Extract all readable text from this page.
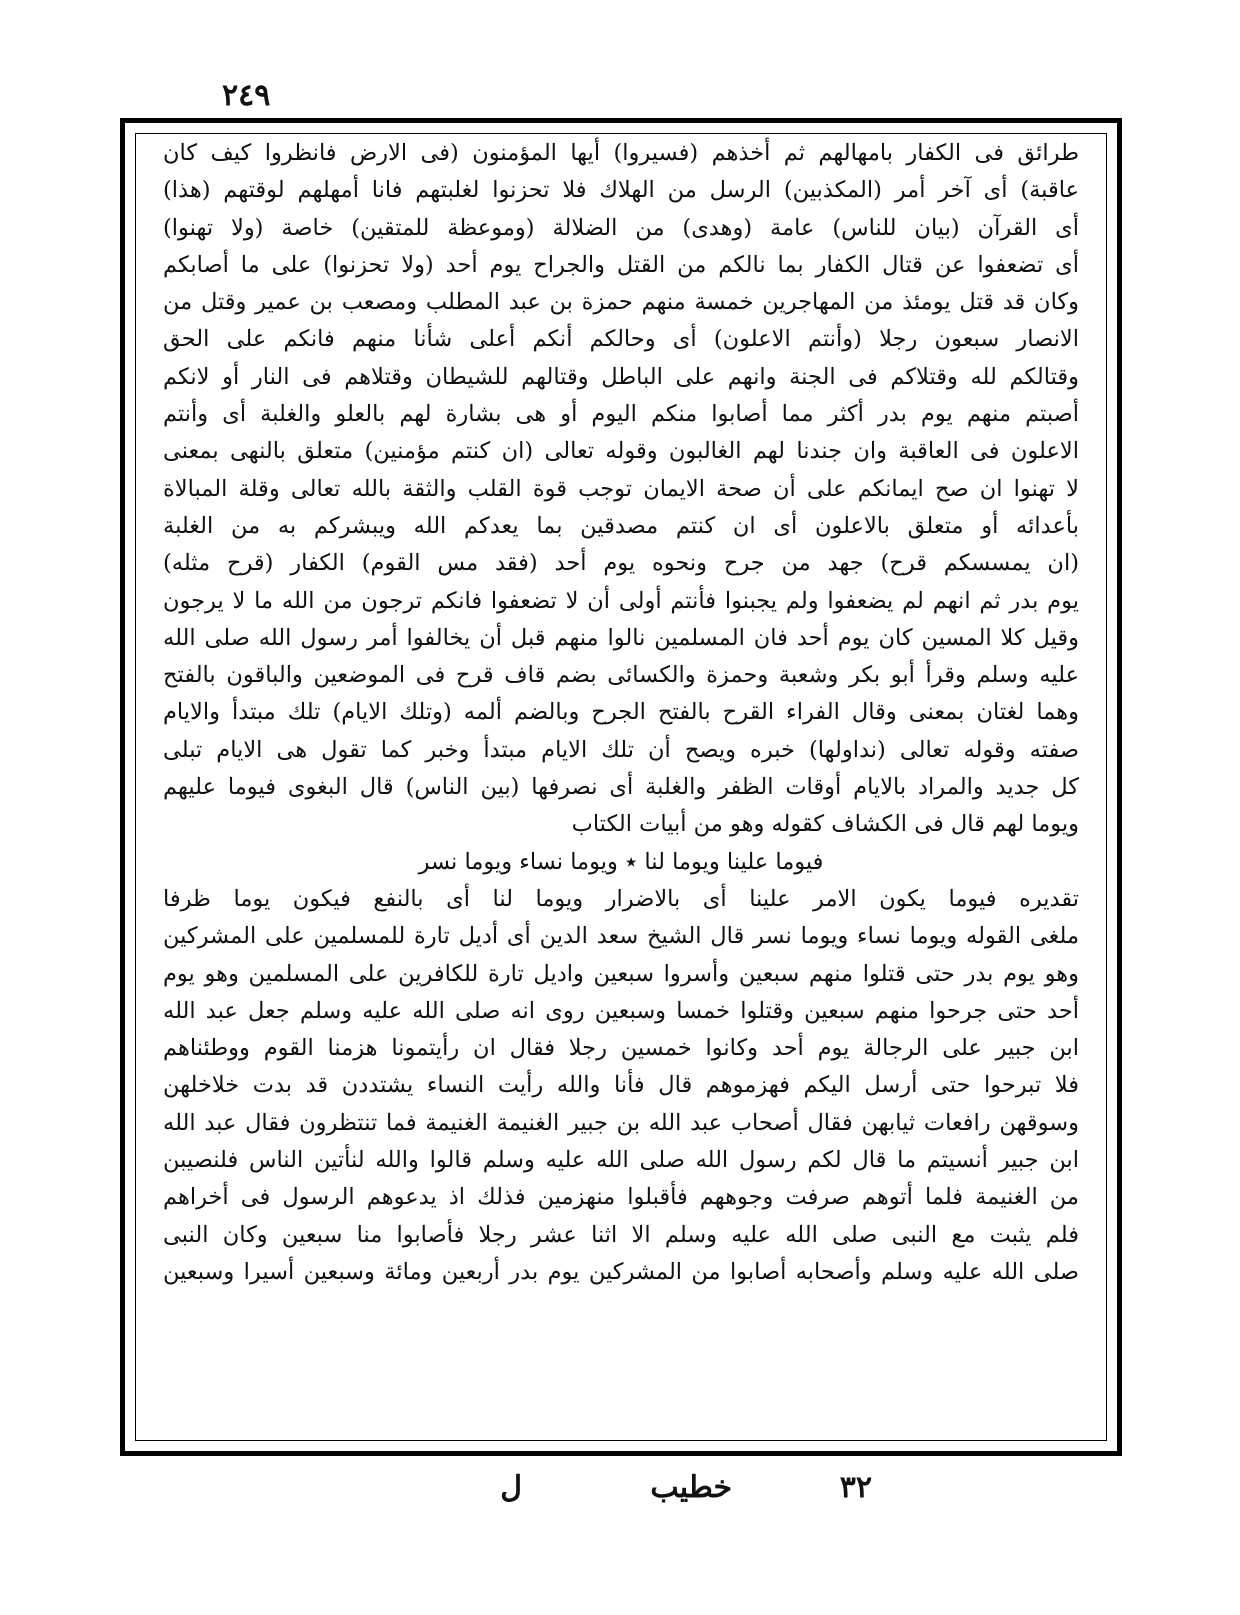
٢٤٩
طرائق فى الكفار بامهالهم ثم أخذهم (فسيروا) أيها المؤمنون (فى الارض فانظروا كيف كان
عاقبة) أى آخر أمر (المكذبين) الرسل من الهلاك فلا تحزنوا لغلبتهم فانا أمهلهم لوقتهم (هذا)
أى القرآن (بيان للناس) عامة (وهدى) من الضلالة (وموعظة للمتقين) خاصة (ولا تهنوا)
أى تضعفوا عن قتال الكفار بما نالكم من القتل والجراح يوم أحد (ولا تحزنوا) على ما أصابكم
وكان قد قتل يومئذ من المهاجرين خمسة منهم حمزة بن عبد المطلب ومصعب بن عمير وقتل من
الانصار سبعون رجلا (وأنتم الاعلون) أى وحالكم أنكم أعلى شأنا منهم فانكم على الحق
وقتالكم لله وقتلاكم فى الجنة وانهم على الباطل وقتالهم للشيطان وقتلاهم فى النار أو لانكم
أصبتم منهم يوم بدر أكثر مما أصابوا منكم اليوم أو هى بشارة لهم بالعلو والغلبة أى وأنتم
الاعلون فى العاقبة وان جندنا لهم الغالبون وقوله تعالى (ان كنتم مؤمنين) متعلق بالنهى بمعنى
لا تهنوا ان صح ايمانكم على أن صحة الايمان توجب قوة القلب والثقة بالله تعالى وقلة المبالاة
بأعدائه أو متعلق بالاعلون أى ان كنتم مصدقين بما يعدكم الله ويبشركم به من الغلبة
(ان يمسسكم قرح) جهد من جرح ونحوه يوم أحد (فقد مس القوم) الكفار (قرح مثله)
يوم بدر ثم انهم لم يضعفوا ولم يجبنوا فأنتم أولى أن لا تضعفوا فانكم ترجون من الله ما لا يرجون
وقيل كلا المسين كان يوم أحد فان المسلمين نالوا منهم قبل أن يخالفوا أمر رسول الله صلى الله
عليه وسلم وقرأ أبو بكر وشعبة وحمزة والكسائى بضم قاف قرح فى الموضعين والباقون بالفتح
وهما لغتان بمعنى وقال الفراء القرح بالفتح الجرح وبالضم ألمه (وتلك الايام) تلك مبتدأ والايام
صفته وقوله تعالى (نداولها) خبره ويصح أن تلك الايام مبتدأ وخبر كما تقول هى الايام تبلى
كل جديد والمراد بالايام أوقات الظفر والغلبة أى نصرفها (بين الناس) قال البغوى فيوما عليهم
ويوما لهم قال فى الكشاف كقوله وهو من أبيات الكتاب
فيوما علينا ويوما لنا ٭ ويوما نساء ويوما نسر
تقديره فيوما يكون الامر علينا أى بالاضرار ويوما لنا أى بالنفع فيكون يوما ظرفا
ملغى القوله ويوما نساء ويوما نسر قال الشيخ سعد الدين أى أديل تارة للمسلمين على المشركين
وهو يوم بدر حتى قتلوا منهم سبعين وأسروا سبعين واديل تارة للكافرين على المسلمين وهو يوم
أحد حتى جرحوا منهم سبعين وقتلوا خمسا وسبعين روى انه صلى الله عليه وسلم جعل عبد الله
ابن جبير على الرجالة يوم أحد وكانوا خمسين رجلا فقال ان رأيتمونا هزمنا القوم ووطئناهم
فلا تبرحوا حتى أرسل اليكم فهزموهم قال فأنا والله رأيت النساء يشتددن قد بدت خلاخلهن
وسوقهن رافعات ثيابهن فقال أصحاب عبد الله بن جبير الغنيمة الغنيمة فما تنتظرون فقال عبد الله
ابن جبير أنسيتم ما قال لكم رسول الله صلى الله عليه وسلم قالوا والله لنأتين الناس فلنصيبن
من الغنيمة فلما أتوهم صرفت وجوههم فأقبلوا منهزمين فذلك اذ يدعوهم الرسول فى أخراهم
فلم يثبت مع النبى صلى الله عليه وسلم الا اثنا عشر رجلا فأصابوا منا سبعين وكان النبى
صلى الله عليه وسلم وأصحابه أصابوا من المشركين يوم بدر أربعين ومائة وسبعين أسيرا وسبعين
٣٢
خطيب
ل
